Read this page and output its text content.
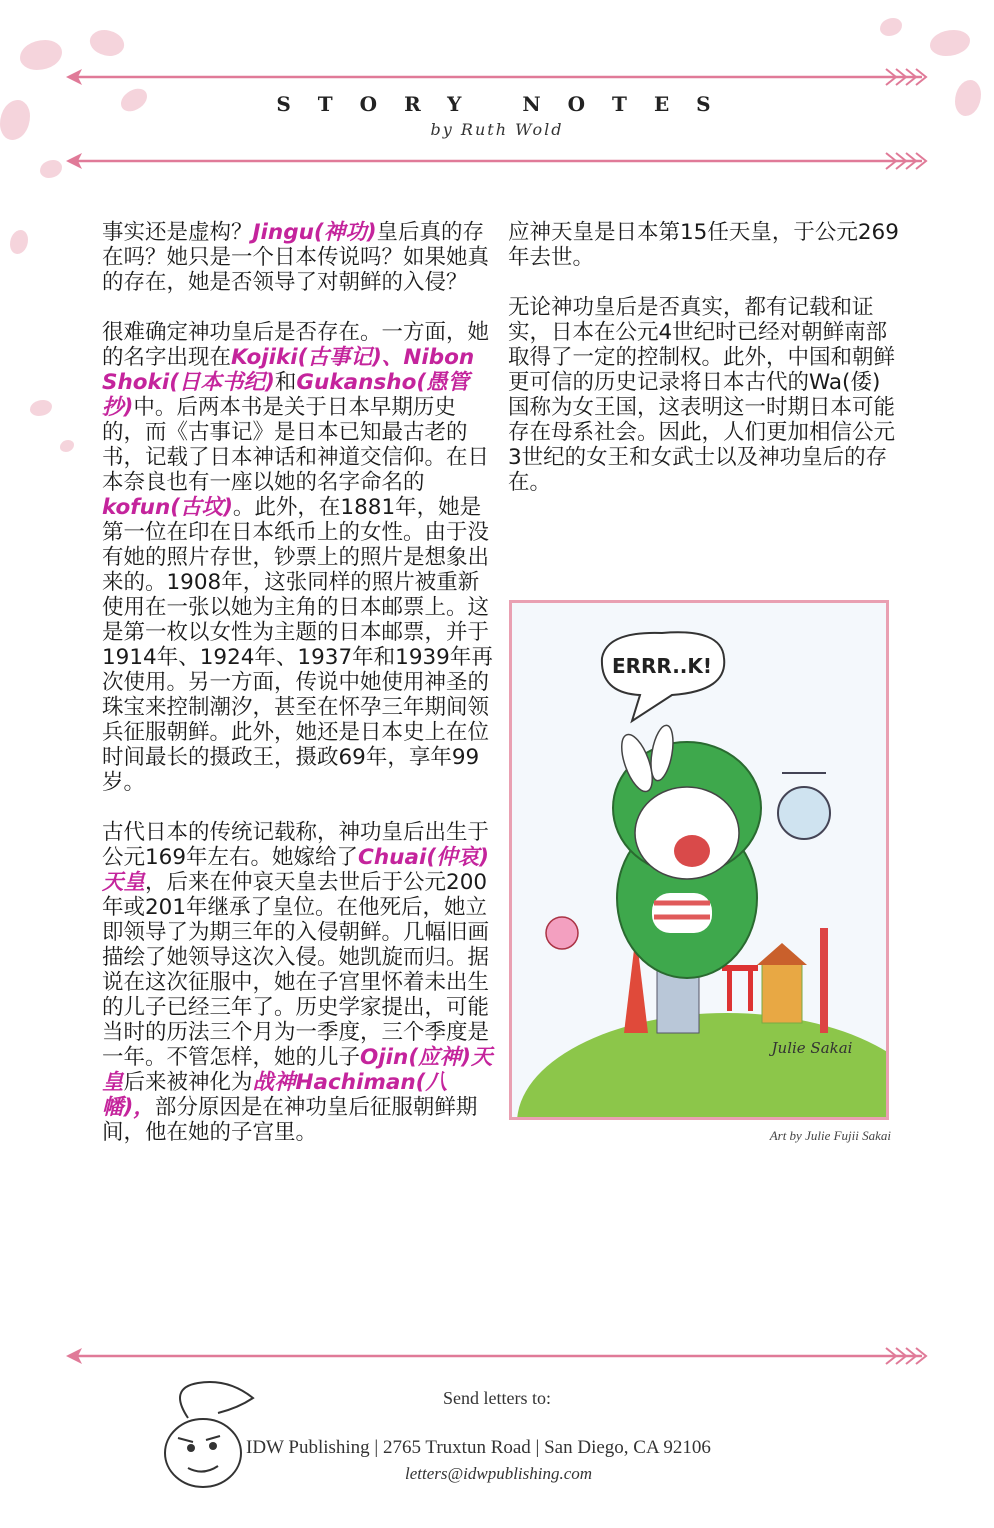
STORY NOTES
by Ruth Wold

事实还是虚构？Jingu(神功)皇后真的存在吗？她只是一个日本传说吗？如果她真的存在，她是否领导了对朝鲜的入侵？

很难确定神功皇后是否存在。一方面，她的名字出现在Kojiki(古事记)、Nibon Shoki(日本书纪)和Gukansho(愚管抄)中。后两本书是关于日本早期历史的，而《古事记》是日本已知最古老的书，记载了日本神话和神道交信仰。在日本奈良也有一座以她的名字命名的kofun(古坟)。此外，在1881年，她是第一位在印在日本纸币上的女性。由于没有她的照片存世，钞票上的照片是想象出来的。1908年，这张同样的照片被重新使用在一张以她为主角的日本邮票上。这是第一枚以女性为主题的日本邮票，并于1914年、1924年、1937年和1939年再次使用。另一方面，传说中她使用神圣的珠宝来控制潮汐，甚至在怀孕三年期间领兵征服朝鲜。此外，她还是日本史上在位时间最长的摄政王，摄政69年，享年99岁。

古代日本的传统记载称，神功皇后出生于公元169年左右。她嫁给了Chuai(仲哀)天皇，后来在仲哀天皇去世后于公元200年或201年继承了皇位。在他死后，她立即领导了为期三年的入侵朝鲜。几幅旧画描绘了她领导这次入侵。她凯旋而归。据说在这次征服中，她在子宫里怀着未出生的儿子已经三年了。历史学家提出，可能当时的历法三个月为一季度，三个季度是一年。不管怎样，她的儿子Ojin(应神)天皇后来被神化为战神Hachiman(八幡)，部分原因是在神功皇后征服朝鲜期间，他在她的子宫里。

应神天皇是日本第15任天皇，于公元269年去世。

无论神功皇后是否真实，都有记载和证实，日本在公元4世纪时已经对朝鲜南部取得了一定的控制权。此外，中国和朝鲜更可信的历史记录将日本古代的Wa(倭)国称为女王国，这表明这一时期日本可能存在母系社会。因此，人们更加相信公元3世纪的女王和女武士以及神功皇后的存在。

ERRR..K!
Julie Sakai
Art by Julie Fujii Sakai
Send letters to:
IDW Publishing | 2765 Truxtun Road | San Diego, CA 92106
letters@idwpublishing.com
